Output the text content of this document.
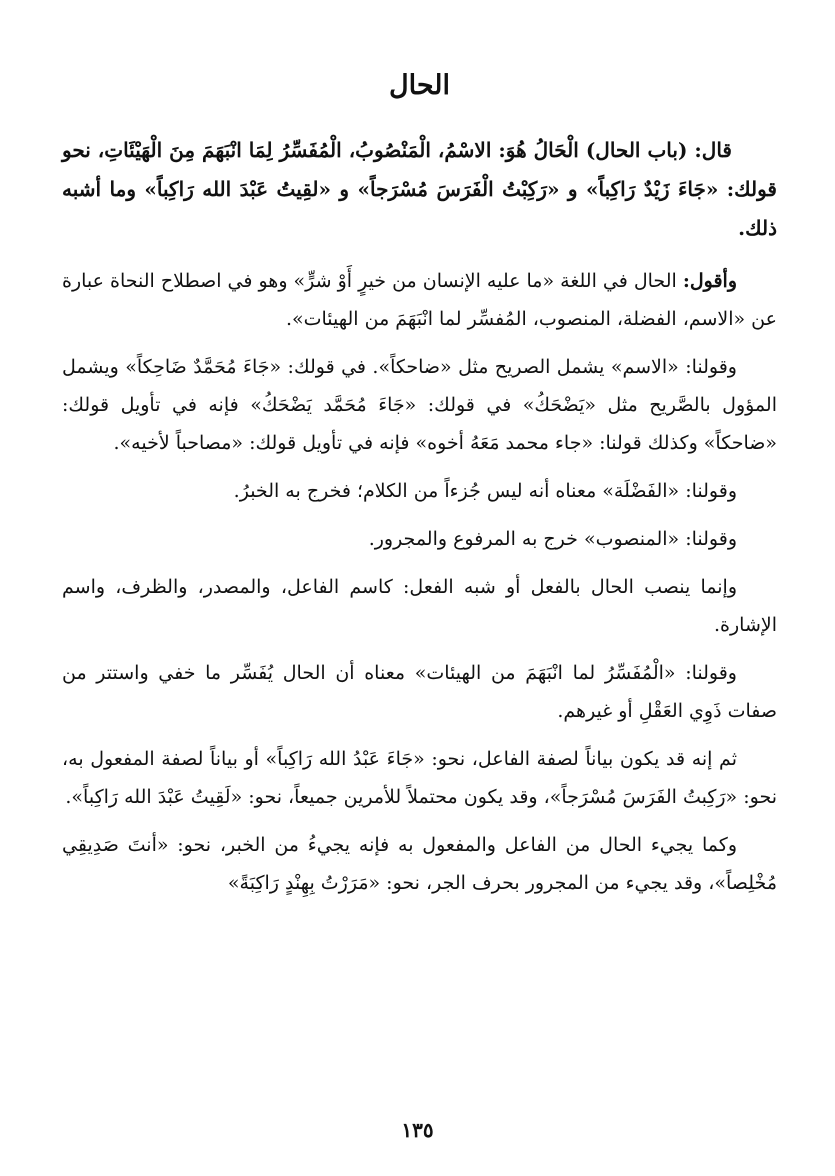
الحال

قال: (باب الحال) الْحَالُ هُوَ: الاسْمُ، الْمَنْصُوبُ، الْمُفَسِّرُ لِمَا انْبَهَمَ مِنَ الْهَيْئَاتِ، نحو قولك: «جَاءَ زَيْدٌ رَاكِباً» و «رَكِبْتُ الْفَرَسَ مُسْرَجاً» و «لقِيتُ عَبْدَ الله رَاكِباً» وما أشبه ذلك.

وأقول: الحال في اللغة «ما عليه الإنسان من خيرٍ أَوْ شرٍّ» وهو في اصطلاح النحاة عبارة عن «الاسم، الفضلة، المنصوب، المُفسِّر لما انْبَهَمَ من الهيئات».

وقولنا: «الاسم» يشمل الصريح مثل «ضاحكاً». في قولك: «جَاءَ مُحَمَّدٌ ضَاحِكاً» ويشمل المؤول بالصَّريح مثل «يَضْحَكُ» في قولك: «جَاءَ مُحَمَّد يَضْحَكُ» فإنه في تأويل قولك: «ضاحكاً» وكذلك قولنا: «جاء محمد مَعَهُ أخوه» فإنه في تأويل قولك: «مصاحباً لأخيه».

وقولنا: «الفَضْلَة» معناه أنه ليس جُزءاً من الكلام؛ فخرج به الخبرُ.

وقولنا: «المنصوب» خرج به المرفوع والمجرور.

وإنما ينصب الحال بالفعل أو شبه الفعل: كاسم الفاعل، والمصدر، والظرف، واسم الإشارة.

وقولنا: «الْمُفَسِّرُ لما انْبَهَمَ من الهيئات» معناه أن الحال يُفَسِّر ما خفي واستتر من صفات ذَوِي العَقْلِ أو غيرهم.

ثم إنه قد يكون بياناً لصفة الفاعل، نحو: «جَاءَ عَبْدُ الله رَاكِباً» أو بياناً لصفة المفعول به، نحو: «رَكِبتُ الفَرَسَ مُسْرَجاً»، وقد يكون محتملاً للأمرين جميعاً، نحو: «لَقِيتُ عَبْدَ الله رَاكِباً».

وكما يجيء الحال من الفاعل والمفعول به فإنه يجيءُ من الخبر، نحو: «أنتَ صَدِيقِي مُخْلِصاً»، وقد يجيء من المجرور بحرف الجر، نحو: «مَرَرْتُ بِهِنْدٍ رَاكِبَةً»

١٣٥
